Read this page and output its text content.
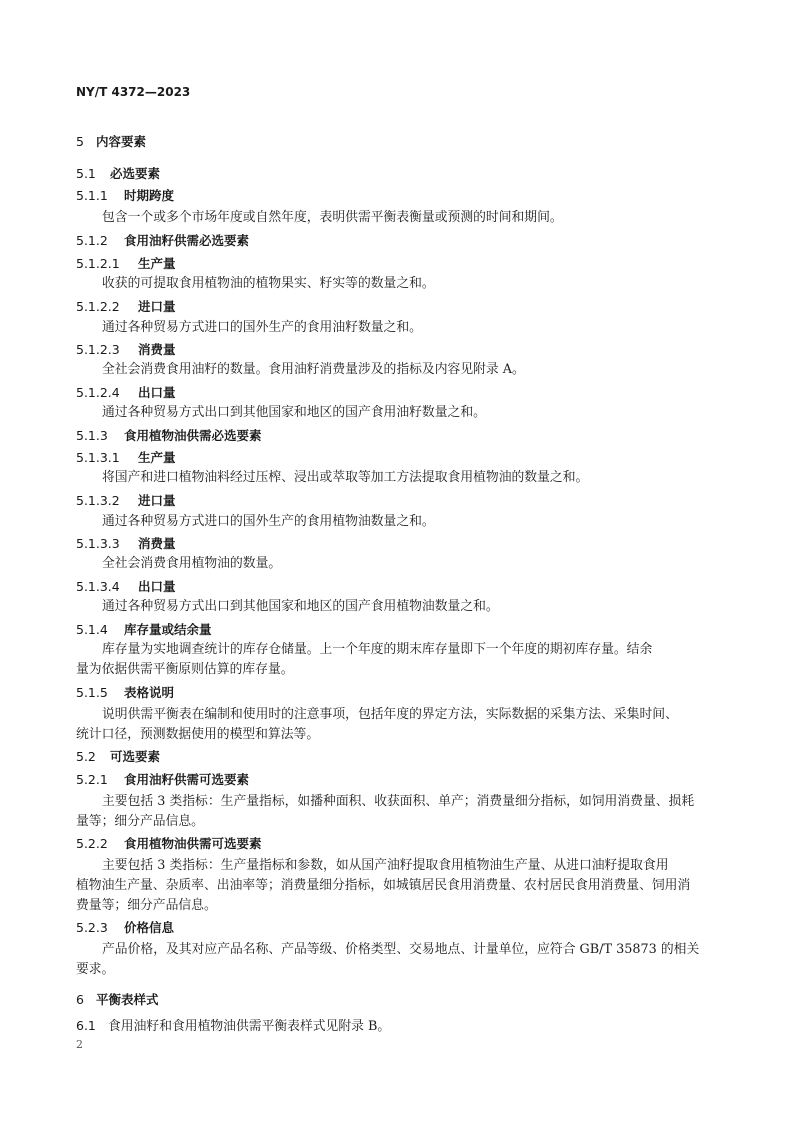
NY/T 4372—2023
5 内容要素
5.1 必选要素
5.1.1 时期跨度
包含一个或多个市场年度或自然年度，表明供需平衡表衡量或预测的时间和期间。
5.1.2 食用油籽供需必选要素
5.1.2.1 生产量
收获的可提取食用植物油的植物果实、籽实等的数量之和。
5.1.2.2 进口量
通过各种贸易方式进口的国外生产的食用油籽数量之和。
5.1.2.3 消费量
全社会消费食用油籽的数量。食用油籽消费量涉及的指标及内容见附录 A。
5.1.2.4 出口量
通过各种贸易方式出口到其他国家和地区的国产食用油籽数量之和。
5.1.3 食用植物油供需必选要素
5.1.3.1 生产量
将国产和进口植物油料经过压榨、浸出或萃取等加工方法提取食用植物油的数量之和。
5.1.3.2 进口量
通过各种贸易方式进口的国外生产的食用植物油数量之和。
5.1.3.3 消费量
全社会消费食用植物油的数量。
5.1.3.4 出口量
通过各种贸易方式出口到其他国家和地区的国产食用植物油数量之和。
5.1.4 库存量或结余量
库存量为实地调查统计的库存仓储量。上一个年度的期末库存量即下一个年度的期初库存量。结余
量为依据供需平衡原则估算的库存量。
5.1.5 表格说明
说明供需平衡表在编制和使用时的注意事项，包括年度的界定方法，实际数据的采集方法、采集时间、
统计口径，预测数据使用的模型和算法等。
5.2 可选要素
5.2.1 食用油籽供需可选要素
主要包括 3 类指标：生产量指标，如播种面积、收获面积、单产；消费量细分指标，如饲用消费量、损耗
量等；细分产品信息。
5.2.2 食用植物油供需可选要素
主要包括 3 类指标：生产量指标和参数，如从国产油籽提取食用植物油生产量、从进口油籽提取食用
植物油生产量、杂质率、出油率等；消费量细分指标，如城镇居民食用消费量、农村居民食用消费量、饲用消
费量等；细分产品信息。
5.2.3 价格信息
产品价格，及其对应产品名称、产品等级、价格类型、交易地点、计量单位，应符合 GB/T 35873 的相关
要求。
6 平衡表样式
6.1 食用油籽和食用植物油供需平衡表样式见附录 B。
2
